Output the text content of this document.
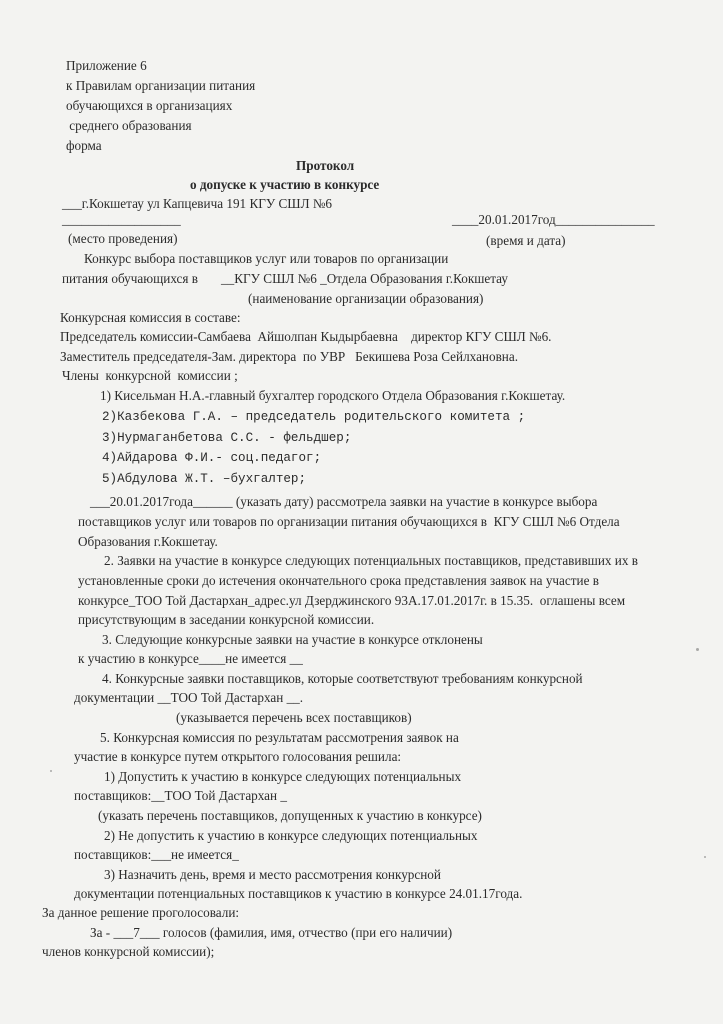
Приложение 6
к Правилам организации питания
обучающихся в организациях
среднего образования
форма
Протокол
о допуске к участию в конкурсе
___г.Кокшетау ул Капцевича 191 КГУ СШЛ №6
__________________	____20.01.2017год_______________
(место проведения)	(время и дата)
Конкурс выбора поставщиков услуг или товаров по организации
питания обучающихся в       __КГУ СШЛ №6 _Отдела Образования г.Кокшетау
(наименование организации образования)
Конкурсная комиссия в составе:
Председатель комиссии-Самбаева  Айшолпан Кыдырбаевна    директор КГУ СШЛ №6.
Заместитель председателя-Зам. директора  по УВР   Бекишева Роза Сейлхановна.
Члены  конкурсной  комиссии ;
1) Кисельман Н.А.-главный бухгалтер городского Отдела Образования г.Кокшетау.
2)Казбекова Г.А. – председатель родительского комитета ;
3)Нурмаганбетова С.С. - фельдшер;
4)Айдарова Ф.И.- соц.педагог;
5)Абдулова Ж.Т. –бухгалтер;
___20.01.2017года______ (указать дату) рассмотрела заявки на участие в конкурсе выбора
поставщиков услуг или товаров по организации питания обучающихся в  КГУ СШЛ №6 Отдела
Образования г.Кокшетау.
2. Заявки на участие в конкурсе следующих потенциальных поставщиков, представивших их в
установленные сроки до истечения окончательного срока представления заявок на участие в
конкурсе_ТОО Той Дастархан_адрес.ул Дзерджинского 93А.17.01.2017г. в 15.35.  оглашены всем
присутствующим в заседании конкурсной комиссии.
3. Следующие конкурсные заявки на участие в конкурсе отклонены
к участию в конкурсе____не имеется __
4. Конкурсные заявки поставщиков, которые соответствуют требованиям конкурсной
документации __ТОО Той Дастархан __.
(указывается перечень всех поставщиков)
5. Конкурсная комиссия по результатам рассмотрения заявок на
участие в конкурсе путем открытого голосования решила:
1) Допустить к участию в конкурсе следующих потенциальных
поставщиков:__ТОО Той Дастархан _
(указать перечень поставщиков, допущенных к участию в конкурсе)
2) Не допустить к участию в конкурсе следующих потенциальных
поставщиков:___не имеется_
3) Назначить день, время и место рассмотрения конкурсной
документации потенциальных поставщиков к участию в конкурсе 24.01.17года.
За данное решение проголосовали:
За - ___7___ голосов (фамилия, имя, отчество (при его наличии)
членов конкурсной комиссии);
